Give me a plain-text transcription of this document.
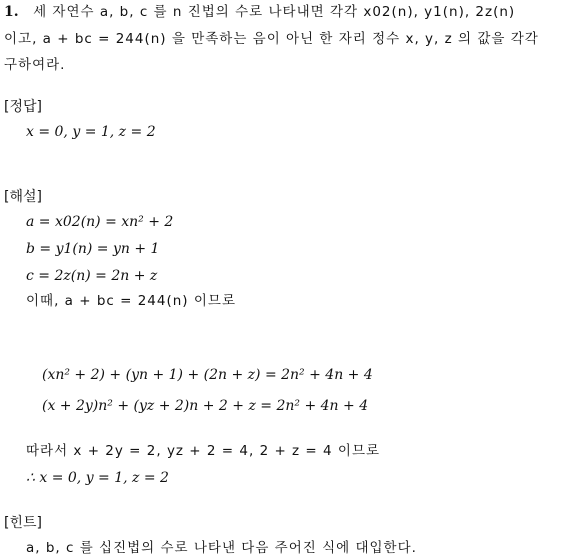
1. 세 자연수 a, b, c 를 n 진법의 수로 나타내면 각각 x02(n), y1(n), 2z(n)
이고, a + bc = 244(n) 을 만족하는 음이 아닌 한 자리 정수 x, y, z 의 값을 각각
구하여라.
[정답]
x = 0, y = 1, z = 2
[해설]
a = x02(n) = xn² + 2
b = y1(n) = yn + 1
c = 2z(n) = 2n + z
이때, a + bc = 244(n) 이므로
(xn² + 2) + (yn + 1) + (2n + z) = 2n² + 4n + 4
(x + 2y)n² + (yz + 2)n + 2 + z = 2n² + 4n + 4
따라서 x + 2y = 2, yz + 2 = 4, 2 + z = 4 이므로
∴ x = 0, y = 1, z = 2
[힌트]
a, b, c 를 십진법의 수로 나타낸 다음 주어진 식에 대입한다.
